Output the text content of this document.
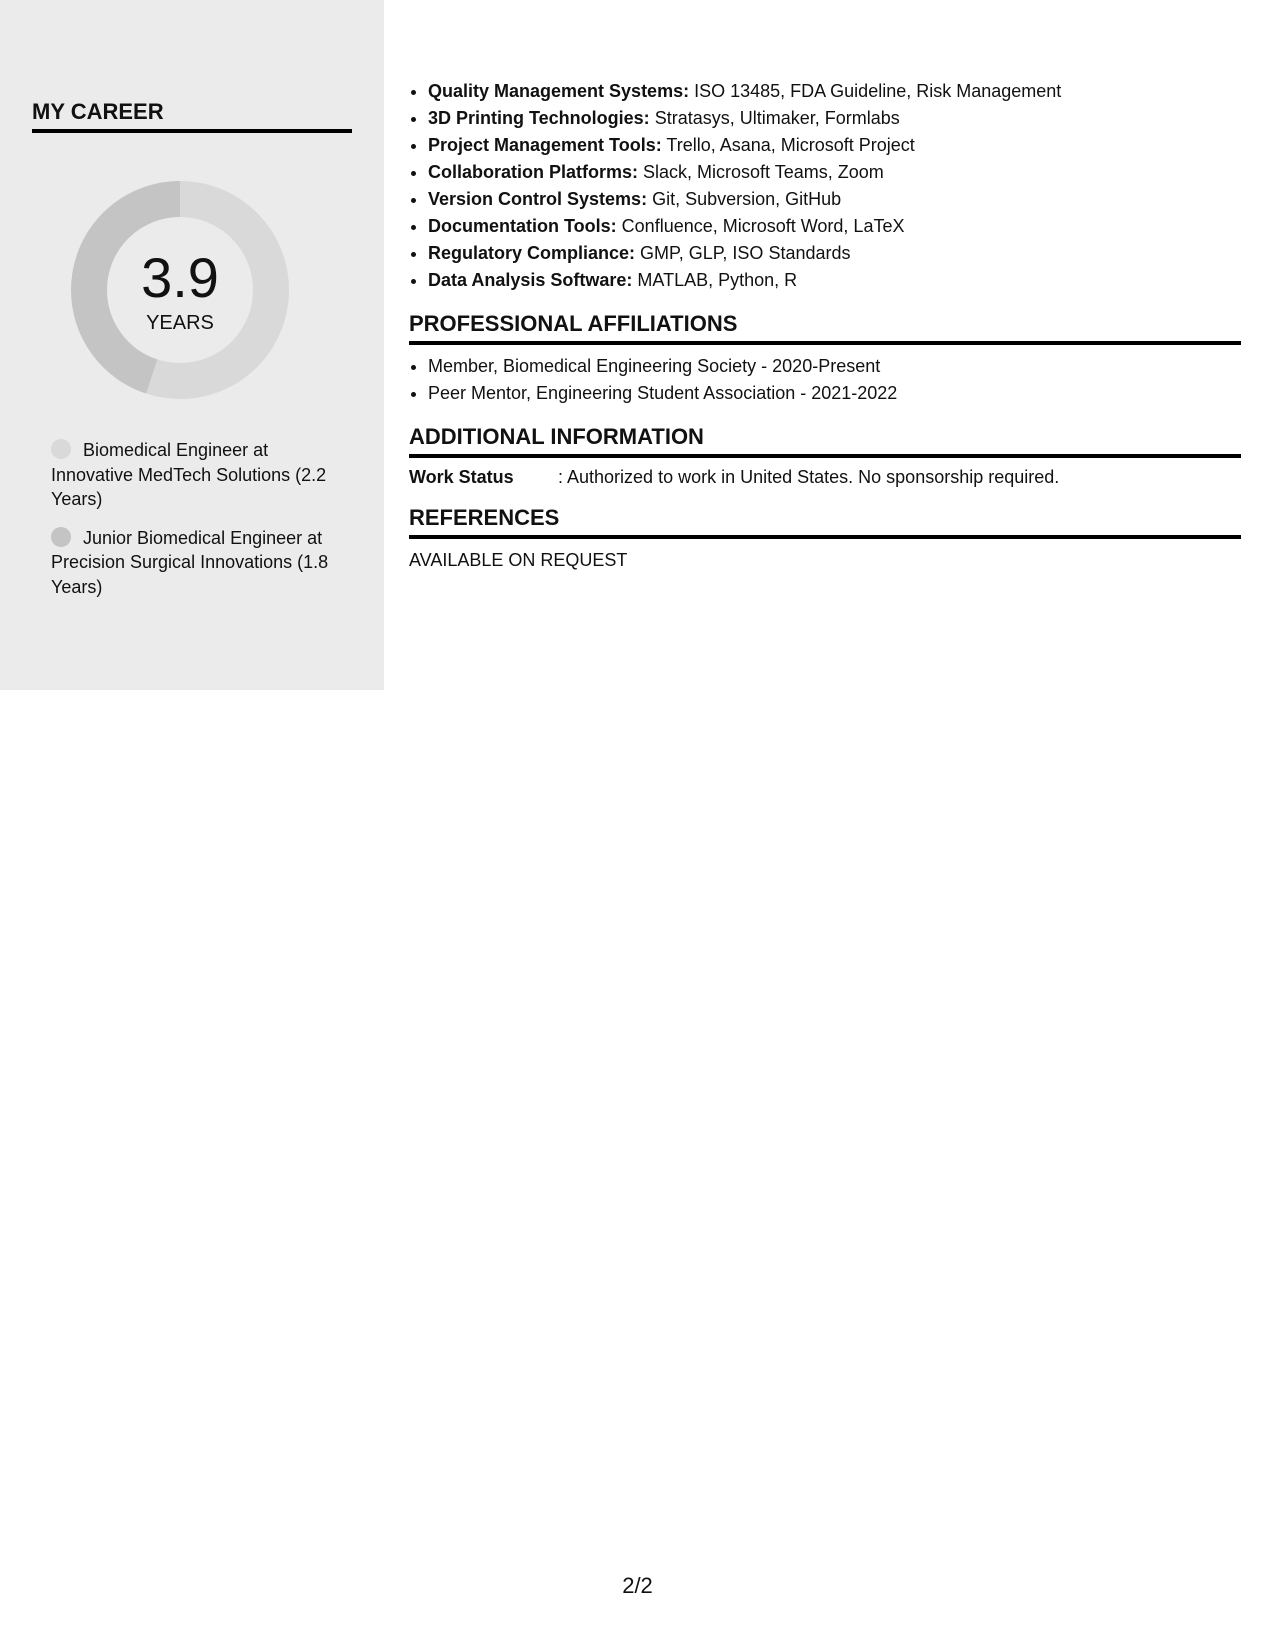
MY CAREER
3.9
YEARS
Biomedical Engineer at Innovative MedTech Solutions (2.2 Years)
Junior Biomedical Engineer at Precision Surgical Innovations (1.8 Years)
• Quality Management Systems: ISO 13485, FDA Guideline, Risk Management
• 3D Printing Technologies: Stratasys, Ultimaker, Formlabs
• Project Management Tools: Trello, Asana, Microsoft Project
• Collaboration Platforms: Slack, Microsoft Teams, Zoom
• Version Control Systems: Git, Subversion, GitHub
• Documentation Tools: Confluence, Microsoft Word, LaTeX
• Regulatory Compliance: GMP, GLP, ISO Standards
• Data Analysis Software: MATLAB, Python, R
PROFESSIONAL AFFILIATIONS
• Member, Biomedical Engineering Society - 2020-Present
• Peer Mentor, Engineering Student Association - 2021-2022
ADDITIONAL INFORMATION
Work Status	: Authorized to work in United States. No sponsorship required.
REFERENCES
AVAILABLE ON REQUEST
2/2
